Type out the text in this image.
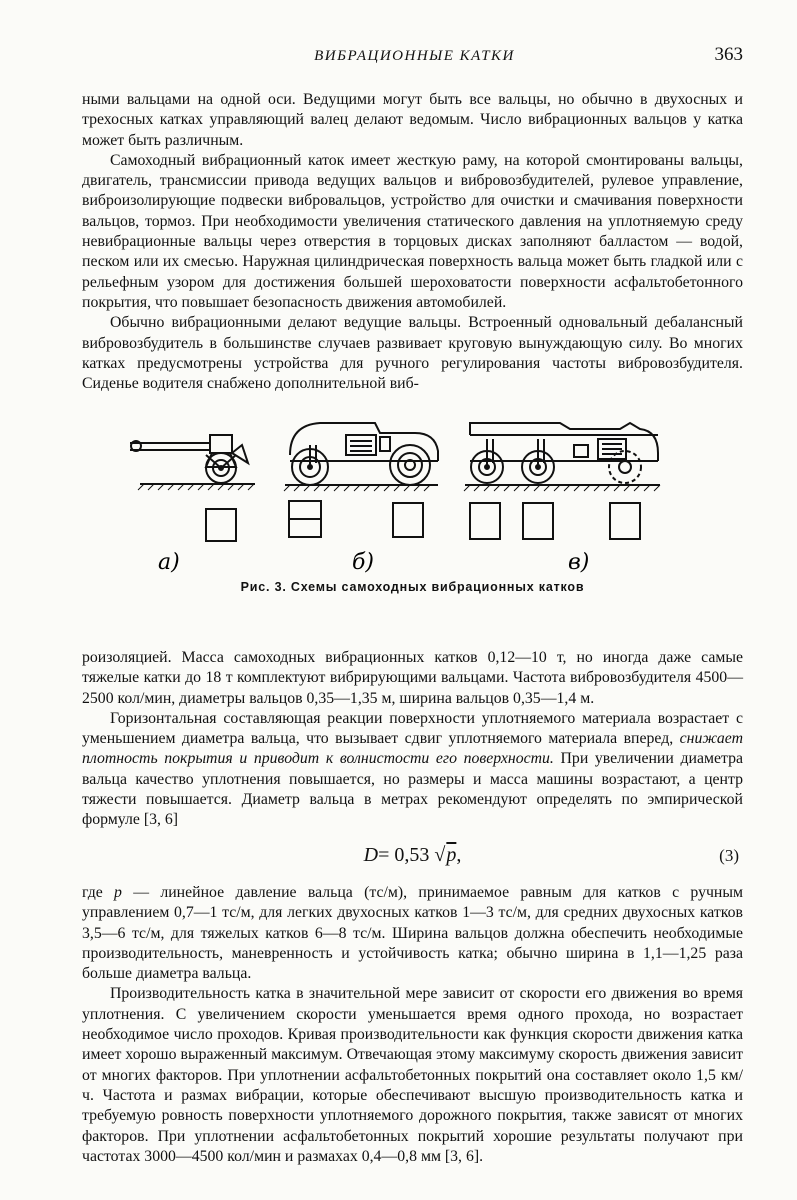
ВИБРАЦИОННЫЕ КАТКИ	363

ными вальцами на одной оси. Ведущими могут быть все вальцы, но обычно в двухосных и трехосных катках управляющий валец делают ведомым. Число вибрационных вальцов у катка может быть различным.

Самоходный вибрационный каток имеет жесткую раму, на которой смонтированы вальцы, двигатель, трансмиссии привода ведущих вальцов и вибровозбудителей, рулевое управление, виброизолирующие подвески вибровальцов, устройство для очистки и смачивания поверхности вальцов, тормоз. При необходимости увеличения статического давления на уплотняемую среду невибрационные вальцы через отверстия в торцовых дисках заполняют балластом — водой, песком или их смесью. Наружная цилиндрическая поверхность вальца может быть гладкой или с рельефным узором для достижения большей шероховатости поверхности асфальтобетонного покрытия, что повышает безопасность движения автомобилей.

Обычно вибрационными делают ведущие вальцы. Встроенный одновальный дебалансный вибровозбудитель в большинстве случаев развивает круговую вынуждающую силу. Во многих катках предусмотрены устройства для ручного регулирования частоты вибровозбудителя. Сиденье водителя снабжено дополнительной виб-

а)	б)	в)
Рис. 3. Схемы самоходных вибрационных катков

роизоляцией. Масса самоходных вибрационных катков 0,12—10 т, но иногда даже самые тяжелые катки до 18 т комплектуют вибрирующими вальцами. Частота вибровозбудителя 4500—2500 кол/мин, диаметры вальцов 0,35—1,35 м, ширина вальцов 0,35—1,4 м.

Горизонтальная составляющая реакции поверхности уплотняемого материала возрастает с уменьшением диаметра вальца, что вызывает сдвиг уплотняемого материала вперед, снижает плотность покрытия и приводит к волнистости его поверхности. При увеличении диаметра вальца качество уплотнения повышается, но размеры и масса машины возрастают, а центр тяжести повышается. Диаметр вальца в метрах рекомендуют определять по эмпирической формуле [3, 6]

D= 0,53 √p,	(3)

где p — линейное давление вальца (тс/м), принимаемое равным для катков с ручным управлением 0,7—1 тс/м, для легких двухосных катков 1—3 тс/м, для средних двухосных катков 3,5—6 тс/м, для тяжелых катков 6—8 тс/м. Ширина вальцов должна обеспечить необходимые производительность, маневренность и устойчивость катка; обычно ширина в 1,1—1,25 раза больше диаметра вальца.

Производительность катка в значительной мере зависит от скорости его движения во время уплотнения. С увеличением скорости уменьшается время одного прохода, но возрастает необходимое число проходов. Кривая производительности как функция скорости движения катка имеет хорошо выраженный максимум. Отвечающая этому максимуму скорость движения зависит от многих факторов. При уплотнении асфальтобетонных покрытий она составляет около 1,5 км/ч. Частота и размах вибрации, которые обеспечивают высшую производительность катка и требуемую ровность поверхности уплотняемого дорожного покрытия, также зависят от многих факторов. При уплотнении асфальтобетонных покрытий хорошие результаты получают при частотах 3000—4500 кол/мин и размахах 0,4—0,8 мм [3, 6].
